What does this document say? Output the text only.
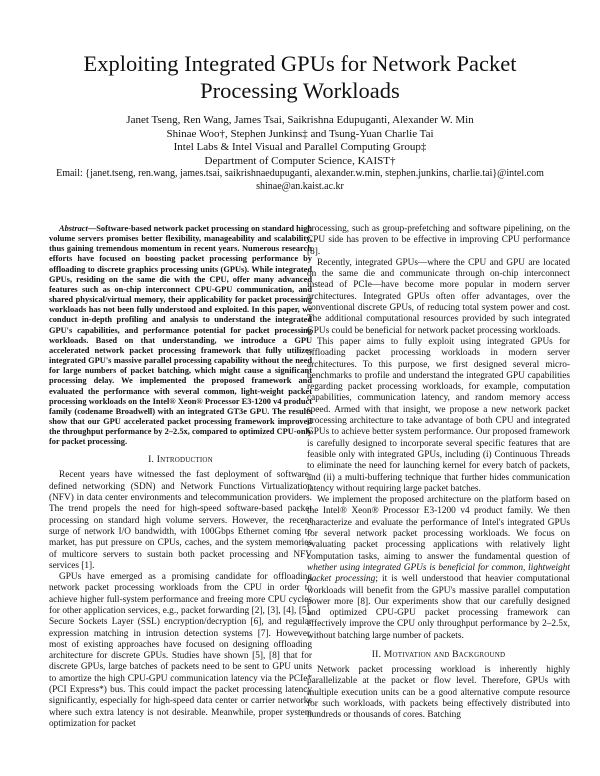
Exploiting Integrated GPUs for Network Packet Processing Workloads

Janet Tseng, Ren Wang, James Tsai, Saikrishna Edupuganti, Alexander W. Min

Shinae Woo†, Stephen Junkins‡ and Tsung-Yuan Charlie Tai

Intel Labs & Intel Visual and Parallel Computing Group‡

Department of Computer Science, KAIST†

Email: {janet.tseng, ren.wang, james.tsai, saikrishnaedupuganti, alexander.w.min, stephen.junkins, charlie.tai}@intel.com

shinae@an.kaist.ac.kr

Abstract—Software-based network packet processing on standard high volume servers promises better flexibility, manageability and scalability, thus gaining tremendous momentum in recent years. Numerous research efforts have focused on boosting packet processing performance by offloading to discrete graphics processing units (GPUs). While integrated GPUs, residing on the same die with the CPU, offer many advanced features such as on-chip interconnect CPU-GPU communication, and shared physical/virtual memory, their applicability for packet processing workloads has not been fully understood and exploited. In this paper, we conduct in-depth profiling and analysis to understand the integrated GPU's capabilities, and performance potential for packet processing workloads. Based on that understanding, we introduce a GPU accelerated network packet processing framework that fully utilizes integrated GPU's massive parallel processing capability without the need for large numbers of packet batching, which might cause a significant processing delay. We implemented the proposed framework and evaluated the performance with several common, light-weight packet processing workloads on the Intel® Xeon® Processor E3-1200 v4 product family (codename Broadwell) with an integrated GT3e GPU. The results show that our GPU accelerated packet processing framework improved the throughput performance by 2–2.5x, compared to optimized CPU-only for packet processing.

I. Introduction

Recent years have witnessed the fast deployment of software-defined networking (SDN) and Network Functions Virtualization (NFV) in data center environments and telecommunication providers. The trend propels the need for high-speed software-based packet processing on standard high volume servers. However, the recent surge of network I/O bandwidth, with 100Gbps Ethernet coming to market, has put pressure on CPUs, caches, and the system memories of multicore servers to sustain both packet processing and NFV services [1].

GPUs have emerged as a promising candidate for offloading network packet processing workloads from the CPU in order to achieve higher full-system performance and freeing more CPU cycles for other application services, e.g., packet forwarding [2], [3], [4], [5], Secure Sockets Layer (SSL) encryption/decryption [6], and regular expression matching in intrusion detection systems [7]. However, most of existing approaches have focused on designing offloading architecture for discrete GPUs. Studies have shown [5], [8] that for discrete GPUs, large batches of packets need to be sent to GPU units to amortize the high CPU-GPU communication latency via the PCIe* (PCI Express*) bus. This could impact the packet processing latency significantly, especially for high-speed data center or carrier networks where such extra latency is not desirable. Meanwhile, proper system optimization for packet

processing, such as group-prefetching and software pipelining, on the CPU side has proven to be effective in improving CPU performance [8].

Recently, integrated GPUs—where the CPU and GPU are located on the same die and communicate through on-chip interconnect instead of PCIe—have become more popular in modern server architectures. Integrated GPUs often offer advantages, over the conventional discrete GPUs, of reducing total system power and cost. The additional computational resources provided by such integrated GPUs could be beneficial for network packet processing workloads.

This paper aims to fully exploit using integrated GPUs for offloading packet processing workloads in modern server architectures. To this purpose, we first designed several micro-benchmarks to profile and understand the integrated GPU capabilities regarding packet processing workloads, for example, computation capabilities, communication latency, and random memory access speed. Armed with that insight, we propose a new network packet processing architecture to take advantage of both CPU and integrated GPUs to achieve better system performance. Our proposed framework is carefully designed to incorporate several specific features that are feasible only with integrated GPUs, including (i) Continuous Threads to eliminate the need for launching kernel for every batch of packets, and (ii) a multi-buffering technique that further hides communication latency without requiring large packet batches.

We implement the proposed architecture on the platform based on the Intel® Xeon® Processor E3-1200 v4 product family. We then characterize and evaluate the performance of Intel's integrated GPUs for several network packet processing workloads. We focus on evaluating packet processing applications with relatively light computation tasks, aiming to answer the fundamental question of whether using integrated GPUs is beneficial for common, lightweight packet processing; it is well understood that heavier computational workloads will benefit from the GPU's massive parallel computation power more [8]. Our experiments show that our carefully designed and optimized CPU-GPU packet processing framework can effectively improve the CPU only throughput performance by 2–2.5x, without batching large number of packets.

II. Motivation and Background

Network packet processing workload is inherently highly parallelizable at the packet or flow level. Therefore, GPUs with multiple execution units can be a good alternative compute resource for such workloads, with packets being effectively distributed into hundreds or thousands of cores. Batching
